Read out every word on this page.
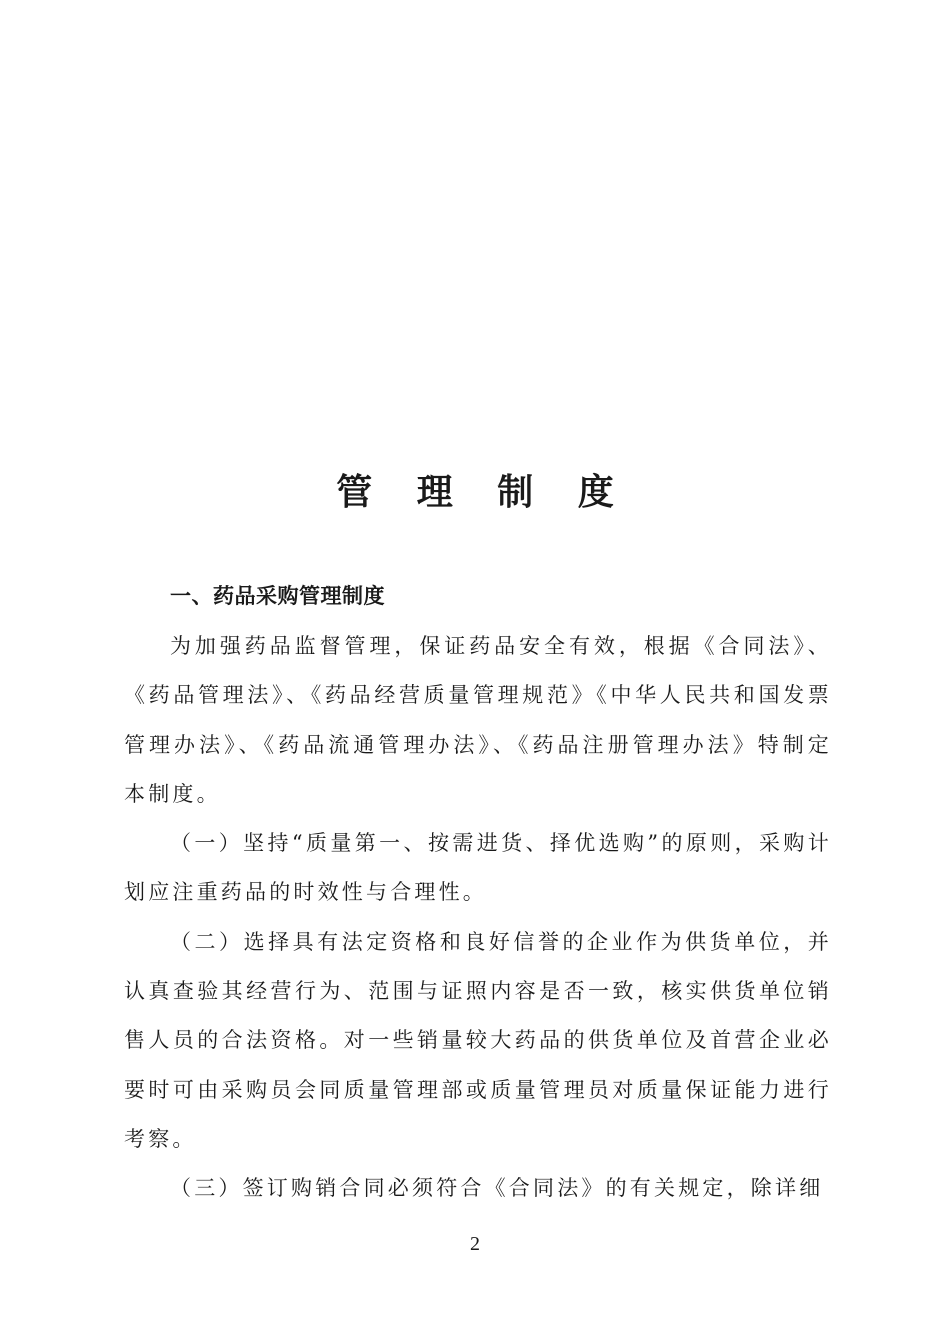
管 理 制 度
一、药品采购管理制度

为加强药品监督管理，保证药品安全有效，根据《合同法》、《药品管理法》、《药品经营质量管理规范》《中华人民共和国发票管理办法》、《药品流通管理办法》、《药品注册管理办法》特制定本制度。

（一）坚持“质量第一、按需进货、择优选购”的原则，采购计划应注重药品的时效性与合理性。

（二）选择具有法定资格和良好信誉的企业作为供货单位，并认真查验其经营行为、范围与证照内容是否一致，核实供货单位销售人员的合法资格。对一些销量较大药品的供货单位及首营企业必要时可由采购员会同质量管理部或质量管理员对质量保证能力进行考察。

（三）签订购销合同必须符合《合同法》的有关规定，除详细

2
